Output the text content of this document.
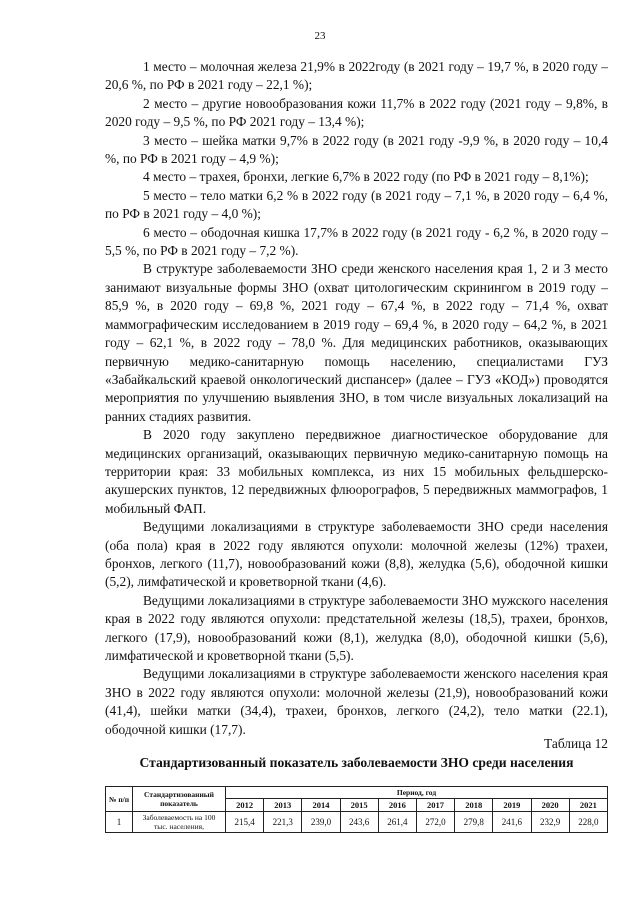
23

1 место – молочная железа 21,9% в 2022году (в 2021 году – 19,7 %, в 2020 году – 20,6 %, по РФ в 2021 году – 22,1 %);

2 место – другие новообразования кожи 11,7% в 2022 году (2021 году – 9,8%, в 2020 году – 9,5 %, по РФ 2021 году – 13,4 %);

3 место – шейка матки 9,7% в 2022 году (в 2021 году -9,9 %, в 2020 году – 10,4 %, по РФ в 2021 году – 4,9 %);

4 место – трахея, бронхи, легкие 6,7% в 2022 году (по РФ в 2021 году – 8,1%);

5 место – тело матки 6,2 % в 2022 году (в 2021 году – 7,1 %, в 2020 году – 6,4 %, по РФ в 2021 году – 4,0 %);

6 место – ободочная кишка 17,7% в 2022 году (в 2021 году - 6,2 %, в 2020 году – 5,5 %, по РФ в 2021 году – 7,2 %).

В структуре заболеваемости ЗНО среди женского населения края 1, 2 и 3 место занимают визуальные формы ЗНО (охват цитологическим скринингом в 2019 году – 85,9 %, в 2020 году – 69,8 %, 2021 году – 67,4 %, в 2022 году – 71,4 %, охват маммографическим исследованием в 2019 году – 69,4 %, в 2020 году – 64,2 %, в 2021 году – 62,1 %, в 2022 году – 78,0 %. Для медицинских работников, оказывающих первичную медико-санитарную помощь населению, специалистами ГУЗ «Забайкальский краевой онкологический диспансер» (далее – ГУЗ «КОД») проводятся мероприятия по улучшению выявления ЗНО, в том числе визуальных локализаций на ранних стадиях развития.

В 2020 году закуплено передвижное диагностическое оборудование для медицинских организаций, оказывающих первичную медико-санитарную помощь на территории края: 33 мобильных комплекса, из них 15 мобильных фельдшерско-акушерских пунктов, 12 передвижных флюорографов, 5 передвижных маммографов, 1 мобильный ФАП.

Ведущими локализациями в структуре заболеваемости ЗНО среди населения (оба пола) края в 2022 году являются опухоли: молочной железы (12%) трахеи, бронхов, легкого (11,7), новообразований кожи (8,8), желудка (5,6), ободочной кишки (5,2), лимфатической и кроветворной ткани (4,6).

Ведущими локализациями в структуре заболеваемости ЗНО мужского населения края в 2022 году являются опухоли: предстательной железы (18,5), трахеи, бронхов, легкого (17,9), новообразований кожи (8,1), желудка (8,0), ободочной кишки (5,6), лимфатической и кроветворной ткани (5,5).

Ведущими локализациями в структуре заболеваемости женского населения края ЗНО в 2022 году являются опухоли: молочной железы (21,9), новообразований кожи (41,4), шейки матки (34,4), трахеи, бронхов, легкого (24,2), тело матки (22.1), ободочной кишки (17,7).

Таблица 12
Стандартизованный показатель заболеваемости ЗНО среди населения
№ п/п	Стандартизованный показатель	Период, год									
		2012	2013	2014	2015	2016	2017	2018	2019	2020	2021
1	Заболеваемость на 100 тыс. населения,	215,4	221,3	239,0	243,6	261,4	272,0	279,8	241,6	232,9	228,0
